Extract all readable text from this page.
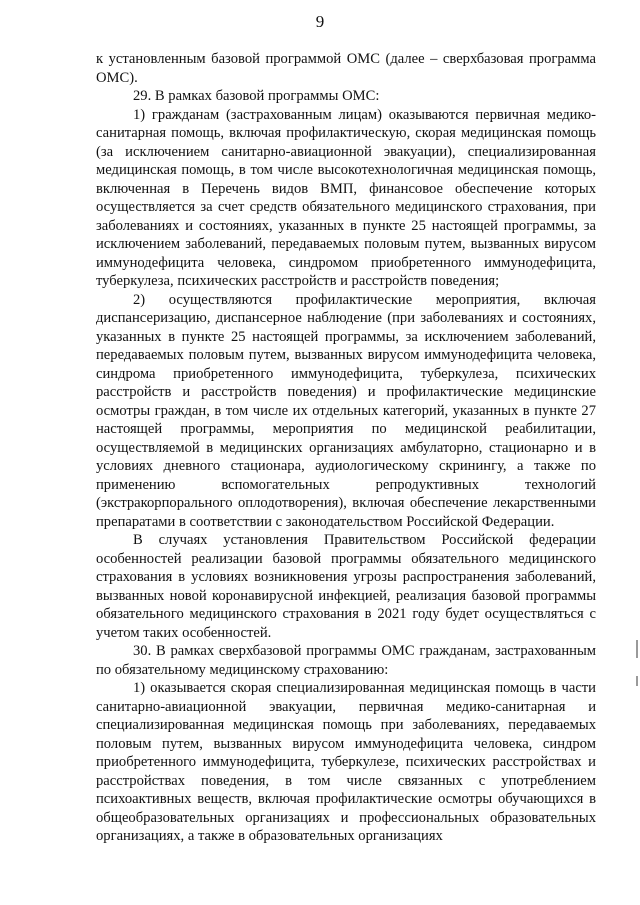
9

к установленным базовой программой ОМС (далее – сверхбазовая программа ОМС).

29. В рамках базовой программы ОМС:

1) гражданам (застрахованным лицам) оказываются первичная медико-санитарная помощь, включая профилактическую, скорая медицинская помощь (за исключением санитарно-авиационной эвакуации), специализированная медицинская помощь, в том числе высокотехнологичная медицинская помощь, включенная в Перечень видов ВМП, финансовое обеспечение которых осуществляется за счет средств обязательного медицинского страхования, при заболеваниях и состояниях, указанных в пункте 25 настоящей программы, за исключением заболеваний, передаваемых половым путем, вызванных вирусом иммунодефицита человека, синдромом приобретенного иммунодефицита, туберкулеза, психических расстройств и расстройств поведения;

2) осуществляются профилактические мероприятия, включая диспансеризацию, диспансерное наблюдение (при заболеваниях и состояниях, указанных в пункте 25 настоящей программы, за исключением заболеваний, передаваемых половым путем, вызванных вирусом иммунодефицита человека, синдрома приобретенного иммунодефицита, туберкулеза, психических расстройств и расстройств поведения) и профилактические медицинские осмотры граждан, в том числе их отдельных категорий, указанных в пункте 27 настоящей программы, мероприятия по медицинской реабилитации, осуществляемой в медицинских организациях амбулаторно, стационарно и в условиях дневного стационара, аудиологическому скринингу, а также по применению вспомогательных репродуктивных технологий (экстракорпорального оплодотворения), включая обеспечение лекарственными препаратами в соответствии с законодательством Российской Федерации.

В случаях установления Правительством Российской федерации особенностей реализации базовой программы обязательного медицинского страхования в условиях возникновения угрозы распространения заболеваний, вызванных новой коронавирусной инфекцией, реализация базовой программы обязательного медицинского страхования в 2021 году будет осуществляться с учетом таких особенностей.

30. В рамках сверхбазовой программы ОМС гражданам, застрахованным по обязательному медицинскому страхованию:

1) оказывается скорая специализированная медицинская помощь в части санитарно-авиационной эвакуации, первичная медико-санитарная и специализированная медицинская помощь при заболеваниях, передаваемых половым путем, вызванных вирусом иммунодефицита человека, синдром приобретенного иммунодефицита, туберкулезе, психических расстройствах и расстройствах поведения, в том числе связанных с употреблением психоактивных веществ, включая профилактические осмотры обучающихся в общеобразовательных организациях и профессиональных образовательных организациях, а также в образовательных организациях
